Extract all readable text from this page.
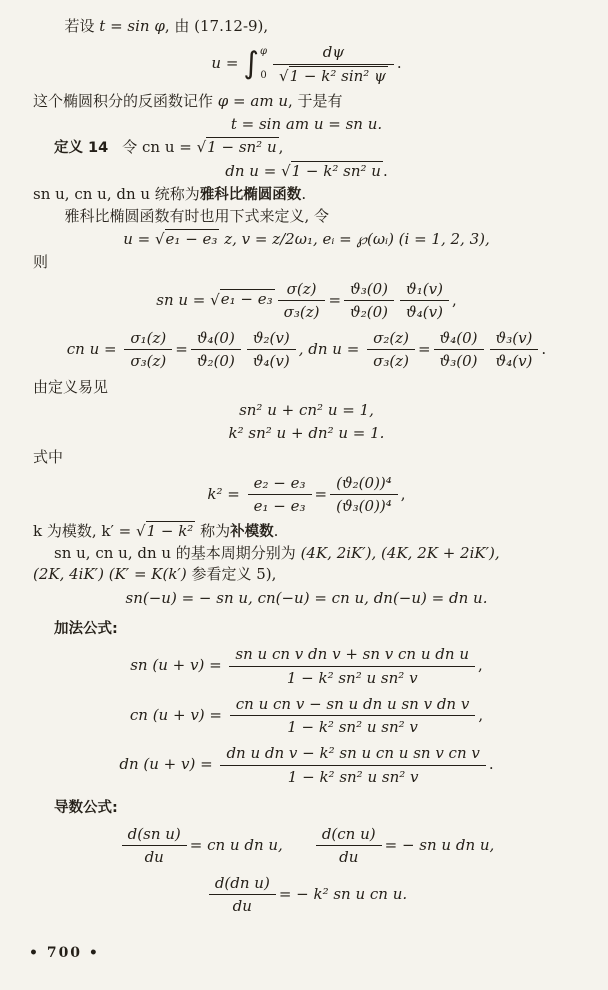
若设 t = sin φ, 由 (17.12-9),

u = ∫ φ
$0 \frac{d\psi}{\text{√1 − k² sin² ψ}}$ .

这个椭圆积分的反函数记作 φ = am u, 于是有

t = sin am u = sn u.

定义 14 令 cn u = √1 − sn² u ,

dn u = √1 − k² sn² u .

sn u, cn u, dn u 统称为雅科比椭圆函数.

雅科比椭圆函数有时也用下式来定义, 令

u = √e₁ − e₃ z, v = z/2ω₁, eᵢ = ℘(ωᵢ) (i = 1, 2, 3),

则

sn $u = √e_1 - e_3 \frac{\sigma(z)}{\text{σ₃(z)}} = \frac{\text{ϑ₃(0)}}{\text{ϑ₂(0)}} \frac{\text{ϑ₁(v)}}{\text{ϑ₄(v)}}$ ,
cn $u = \frac{\text{σ₁(z)}}{\text{σ₃(z)}} = \frac{\text{ϑ₄(0)}}{\text{ϑ₂(0)}} \frac{\text{ϑ₂(v)}}{\text{ϑ₄(v)}}$ , dn $u = \frac{\text{σ₂(z)}}{\text{σ₃(z)}} = \frac{\text{ϑ₄(0)}}{\text{ϑ₃(0)}} \frac{\text{ϑ₃(v)}}{\text{ϑ₄(v)}}$ .

由定义易见

sn² u + cn² u = 1,
k² sn² u + dn² u = 1.

式中

$k^2 = \frac{\text{e₂ − e₃}}{\text{e₁ − e₃}} = \frac{\text{(ϑ₂(0))⁴}}{\text{(ϑ₃(0))⁴}}$ ,

k 为模数, k′ = √1 − k² 称为补模数.

sn u, cn u, dn u 的基本周期分别为 (4K, 2iK′), (4K, 2K + 2iK′),

(2K, 4iK′) (K′ = K(k′) 参看定义 5),

sn(−u) = − sn u, cn(−u) = cn u, dn(−u) = dn u.

加法公式:

sn $(u + v) = \frac{\text{sn u cn v dn v + sn v cn u dn u}}{\text{1 − k² sn² u sn² v}}$ ,
cn $(u + v) = \frac{\text{cn u cn v − sn u dn u sn v dn v}}{\text{1 − k² sn² u sn² v}}$ ,
dn $(u + v) = \frac{\text{dn u dn v − k² sn u cn u sn v cn v}}{\text{1 − k² sn² u sn² v}}$ .

导数公式:

$\frac{\text{d(sn u)}}{du}$ = cn u dn u, $\frac{\text{d(cn u)}}{du}$ = − sn u dn u,
$\frac{\text{d(dn u)}}{du}$ = − k² sn u cn u.
• 700 •
